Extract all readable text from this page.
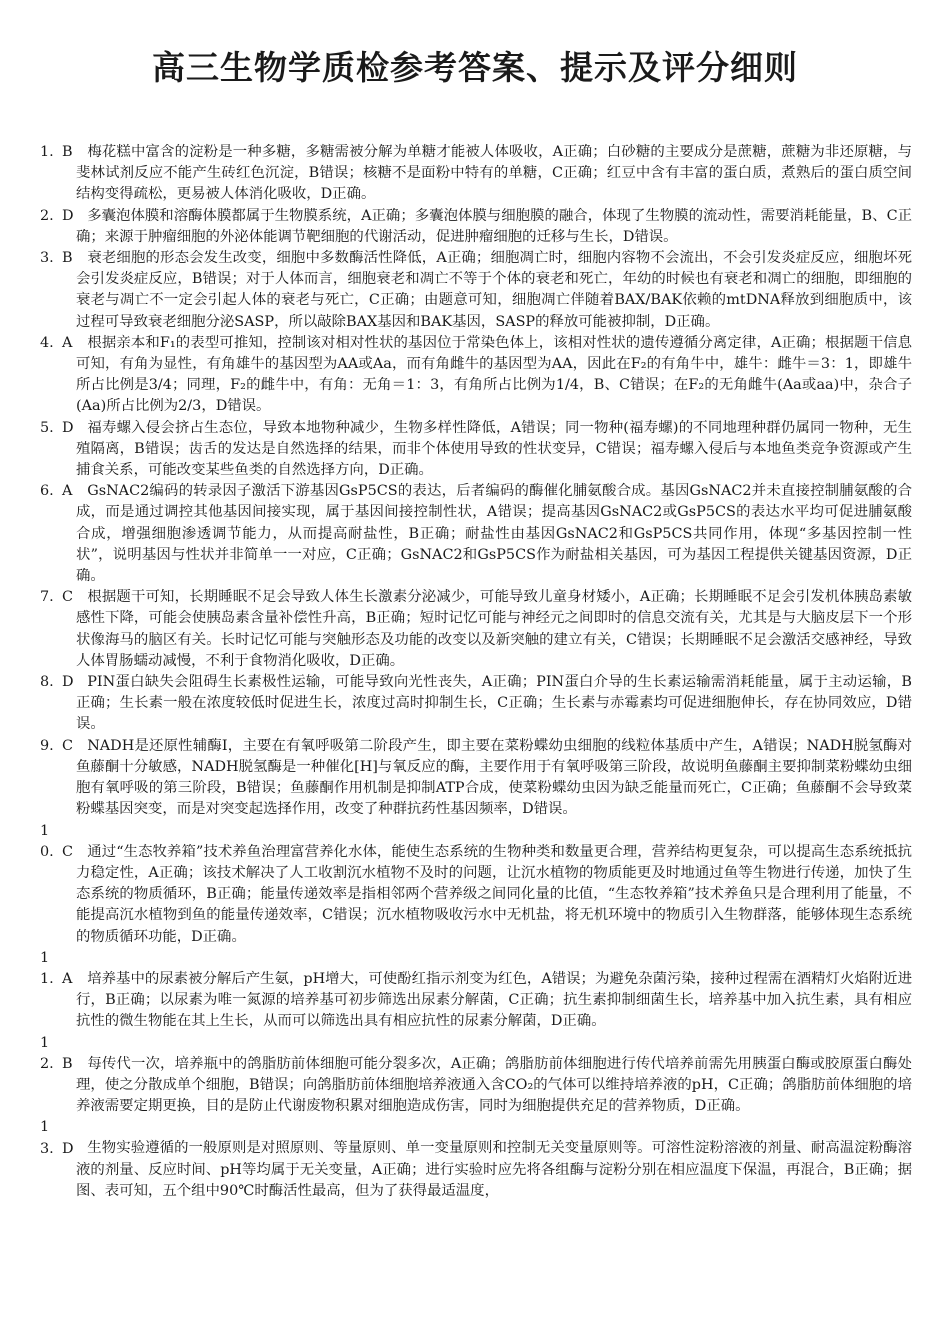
高三生物学质检参考答案、提示及评分细则

1. B  梅花糕中富含的淀粉是一种多糖，多糖需被分解为单糖才能被人体吸收，A正确；白砂糖的主要成分是蔗糖，蔗糖为非还原糖，与斐林试剂反应不能产生砖红色沉淀，B错误；核糖不是面粉中特有的单糖，C正确；红豆中含有丰富的蛋白质，煮熟后的蛋白质空间结构变得疏松，更易被人体消化吸收，D正确。

2. D  多囊泡体膜和溶酶体膜都属于生物膜系统，A正确；多囊泡体膜与细胞膜的融合，体现了生物膜的流动性，需要消耗能量，B、C正确；来源于肿瘤细胞的外泌体能调节靶细胞的代谢活动，促进肿瘤细胞的迁移与生长，D错误。

3. B  衰老细胞的形态会发生改变，细胞中多数酶活性降低，A正确；细胞凋亡时，细胞内容物不会流出，不会引发炎症反应，细胞坏死会引发炎症反应，B错误；对于人体而言，细胞衰老和凋亡不等于个体的衰老和死亡，年幼的时候也有衰老和凋亡的细胞，即细胞的衰老与凋亡不一定会引起人体的衰老与死亡，C正确；由题意可知，细胞凋亡伴随着BAX/BAK依赖的mtDNA释放到细胞质中，该过程可导致衰老细胞分泌SASP，所以敲除BAX基因和BAK基因，SASP的释放可能被抑制，D正确。

4. A  根据亲本和F₁的表型可推知，控制该对相对性状的基因位于常染色体上，该相对性状的遗传遵循分离定律，A正确；根据题干信息可知，有角为显性，有角雄牛的基因型为AA或Aa，而有角雌牛的基因型为AA，因此在F₂的有角牛中，雄牛：雌牛＝3：1，即雄牛所占比例是3/4；同理，F₂的雌牛中，有角：无角＝1：3，有角所占比例为1/4，B、C错误；在F₂的无角雌牛(Aa或aa)中，杂合子(Aa)所占比例为2/3，D错误。

5. D  福寿螺入侵会挤占生态位，导致本地物种减少，生物多样性降低，A错误；同一物种(福寿螺)的不同地理种群仍属同一物种，无生殖隔离，B错误；齿舌的发达是自然选择的结果，而非个体使用导致的性状变异，C错误；福寿螺入侵后与本地鱼类竞争资源或产生捕食关系，可能改变某些鱼类的自然选择方向，D正确。

6. A  GsNAC2编码的转录因子激活下游基因GsP5CS的表达，后者编码的酶催化脯氨酸合成。基因GsNAC2并未直接控制脯氨酸的合成，而是通过调控其他基因间接实现，属于基因间接控制性状，A错误；提高基因GsNAC2或GsP5CS的表达水平均可促进脯氨酸合成，增强细胞渗透调节能力，从而提高耐盐性，B正确；耐盐性由基因GsNAC2和GsP5CS共同作用，体现“多基因控制一性状”，说明基因与性状并非简单一一对应，C正确；GsNAC2和GsP5CS作为耐盐相关基因，可为基因工程提供关键基因资源，D正确。

7. C  根据题干可知，长期睡眠不足会导致人体生长激素分泌减少，可能导致儿童身材矮小，A正确；长期睡眠不足会引发机体胰岛素敏感性下降，可能会使胰岛素含量补偿性升高，B正确；短时记忆可能与神经元之间即时的信息交流有关，尤其是与大脑皮层下一个形状像海马的脑区有关。长时记忆可能与突触形态及功能的改变以及新突触的建立有关，C错误；长期睡眠不足会激活交感神经，导致人体胃肠蠕动减慢，不利于食物消化吸收，D正确。

8. D  PIN蛋白缺失会阻碍生长素极性运输，可能导致向光性丧失，A正确；PIN蛋白介导的生长素运输需消耗能量，属于主动运输，B正确；生长素一般在浓度较低时促进生长，浓度过高时抑制生长，C正确；生长素与赤霉素均可促进细胞伸长，存在协同效应，D错误。

9. C  NADH是还原性辅酶Ⅰ，主要在有氧呼吸第二阶段产生，即主要在菜粉蝶幼虫细胞的线粒体基质中产生，A错误；NADH脱氢酶对鱼藤酮十分敏感，NADH脱氢酶是一种催化[H]与氧反应的酶，主要作用于有氧呼吸第三阶段，故说明鱼藤酮主要抑制菜粉蝶幼虫细胞有氧呼吸的第三阶段，B错误；鱼藤酮作用机制是抑制ATP合成，使菜粉蝶幼虫因为缺乏能量而死亡，C正确；鱼藤酮不会导致菜粉蝶基因突变，而是对突变起选择作用，改变了种群抗药性基因频率，D错误。

10. C  通过“生态牧养箱”技术养鱼治理富营养化水体，能使生态系统的生物种类和数量更合理，营养结构更复杂，可以提高生态系统抵抗力稳定性，A正确；该技术解决了人工收割沉水植物不及时的问题，让沉水植物的物质能更及时地通过鱼等生物进行传递，加快了生态系统的物质循环，B正确；能量传递效率是指相邻两个营养级之间同化量的比值，“生态牧养箱”技术养鱼只是合理利用了能量，不能提高沉水植物到鱼的能量传递效率，C错误；沉水植物吸收污水中无机盐，将无机环境中的物质引入生物群落，能够体现生态系统的物质循环功能，D正确。

11. A  培养基中的尿素被分解后产生氨，pH增大，可使酚红指示剂变为红色，A错误；为避免杂菌污染，接种过程需在酒精灯火焰附近进行，B正确；以尿素为唯一氮源的培养基可初步筛选出尿素分解菌，C正确；抗生素抑制细菌生长，培养基中加入抗生素，具有相应抗性的微生物能在其上生长，从而可以筛选出具有相应抗性的尿素分解菌，D正确。

12. B  每传代一次，培养瓶中的鸽脂肪前体细胞可能分裂多次，A正确；鸽脂肪前体细胞进行传代培养前需先用胰蛋白酶或胶原蛋白酶处理，使之分散成单个细胞，B错误；向鸽脂肪前体细胞培养液通入含CO₂的气体可以维持培养液的pH，C正确；鸽脂肪前体细胞的培养液需要定期更换，目的是防止代谢废物积累对细胞造成伤害，同时为细胞提供充足的营养物质，D正确。

13. D  生物实验遵循的一般原则是对照原则、等量原则、单一变量原则和控制无关变量原则等。可溶性淀粉溶液的剂量、耐高温淀粉酶溶液的剂量、反应时间、pH等均属于无关变量，A正确；进行实验时应先将各组酶与淀粉分别在相应温度下保温，再混合，B正确；据图、表可知，五个组中90℃时酶活性最高，但为了获得最适温度，
